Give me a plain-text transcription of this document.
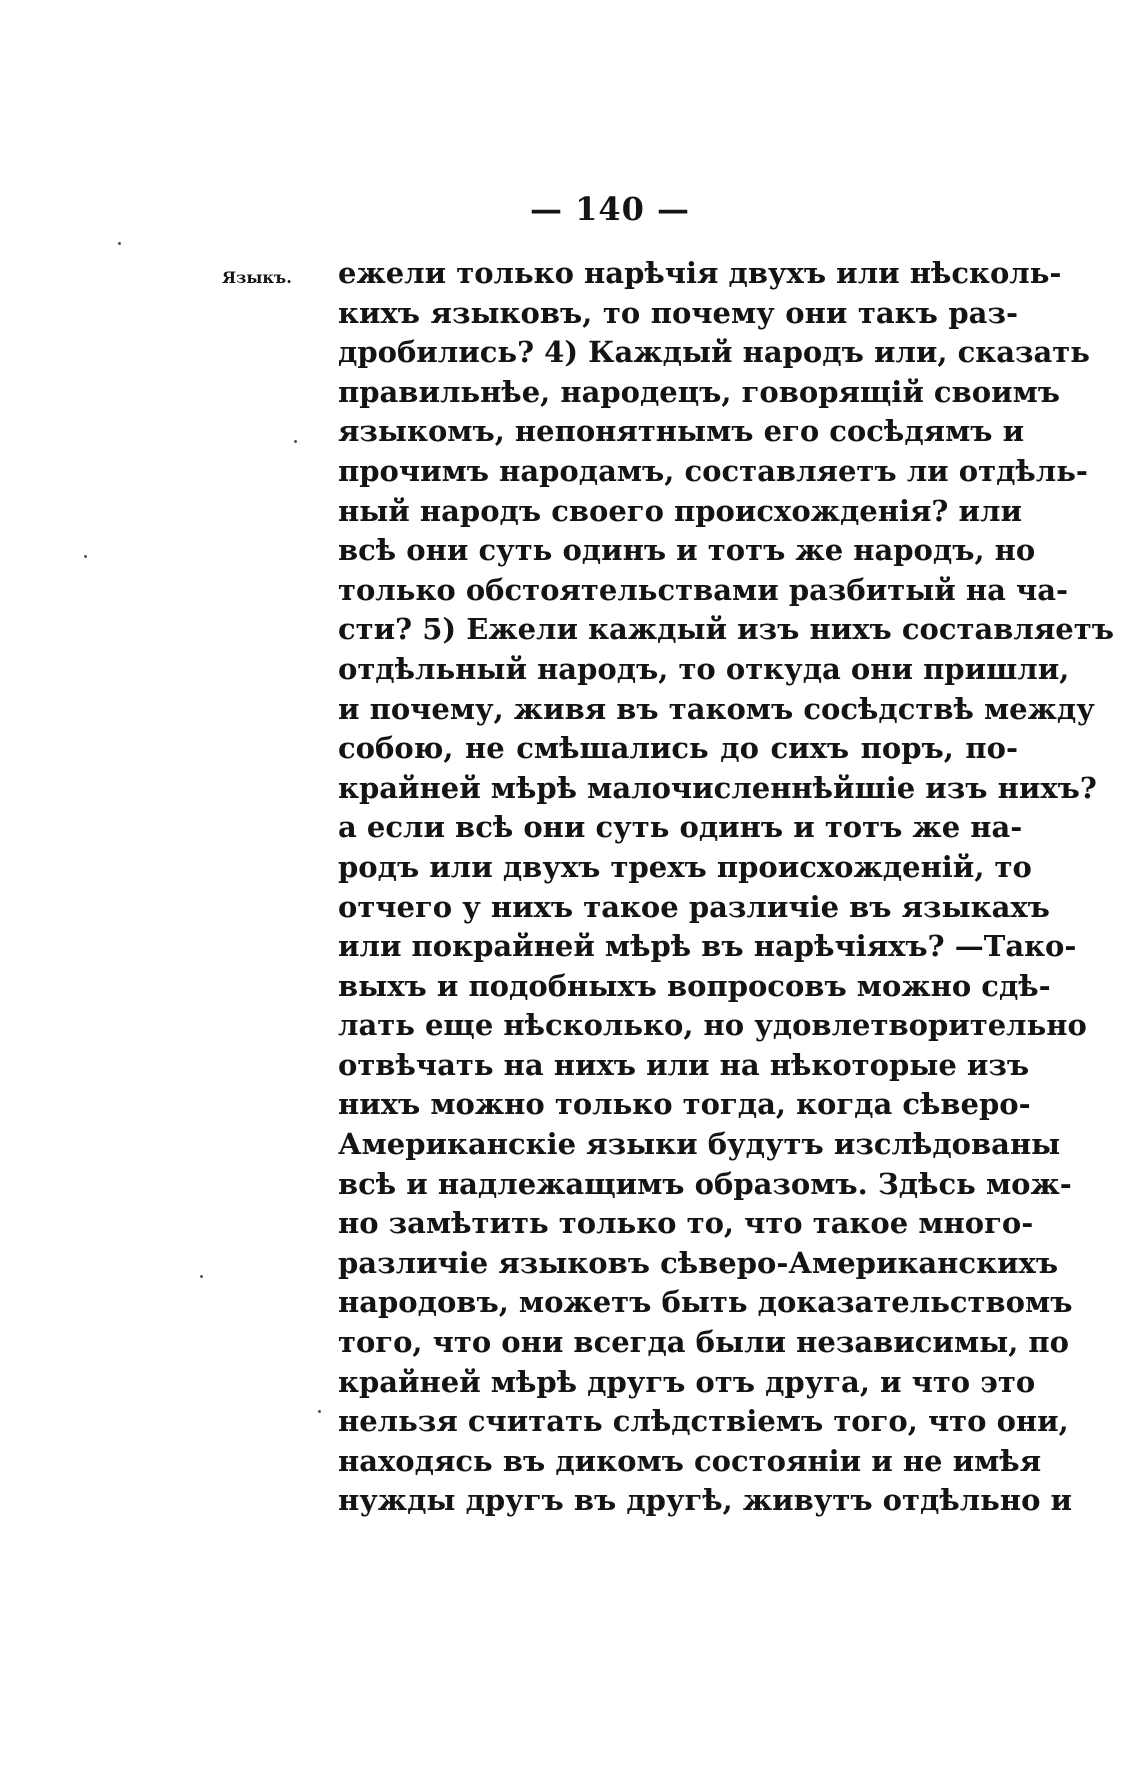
— 140 —
Языкъ. ежели только нарѣчія двухъ или нѣсколь-
кихъ языковъ, то почему они такъ раз-
дробились? 4) Каждый народъ или, сказать
правильнѣе, народецъ, говорящій своимъ
языкомъ, непонятнымъ его сосѣдямъ и
прочимъ народамъ, составляетъ ли отдѣль-
ный народъ своего происхожденія? или
всѣ они суть одинъ и тотъ же народъ, но
только обстоятельствами разбитый на ча-
сти? 5) Ежели каждый изъ нихъ составляетъ
отдѣльный народъ, то откуда они пришли,
и почему, живя въ такомъ сосѣдствѣ между
собою, не смѣшались до сихъ поръ, по-
крайней мѣрѣ малочисленнѣйшіе изъ нихъ?
а если всѣ они суть одинъ и тотъ же на-
родъ или двухъ трехъ происхожденій, то
отчего у нихъ такое различіе въ языкахъ
или покрайней мѣрѣ въ нарѣчіяхъ? —Тако-
выхъ и подобныхъ вопросовъ можно сдѣ-
лать еще нѣсколько, но удовлетворительно
отвѣчать на нихъ или на нѣкоторые изъ
нихъ можно только тогда, когда сѣверо-
Американскіе языки будутъ изслѣдованы
всѣ и надлежащимъ образомъ. Здѣсь мож-
но замѣтить только то, что такое много-
различіе языковъ сѣверо-Американскихъ
народовъ, можетъ быть доказательствомъ
того, что они всегда были независимы, по
крайней мѣрѣ другъ отъ друга, и что это
нельзя считать слѣдствіемъ того, что они,
находясь въ дикомъ состояніи и не имѣя
нужды другъ въ другѣ, живутъ отдѣльно и
